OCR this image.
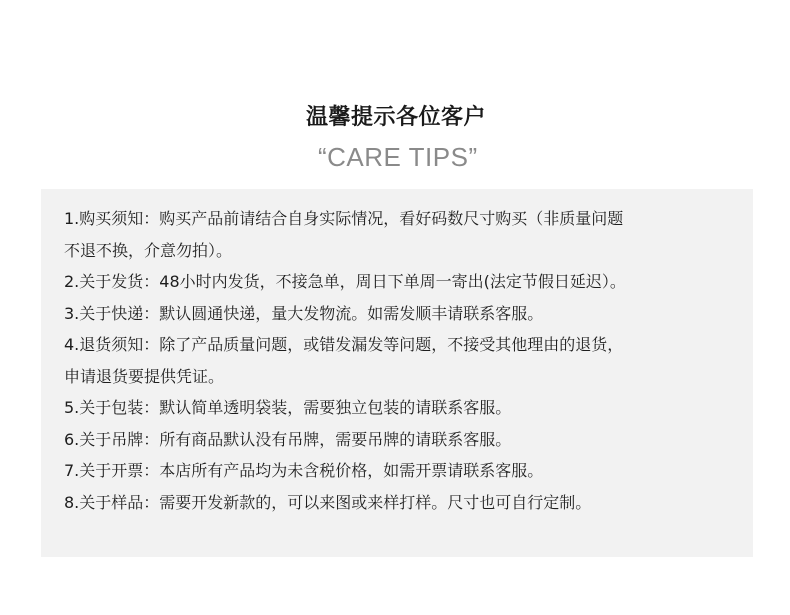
温馨提示各位客户
“CARE TIPS”
1.购买须知：购买产品前请结合自身实际情况，看好码数尺寸购买（非质量问题
不退不换，介意勿拍）。
2.关于发货：48小时内发货，不接急单，周日下单周一寄出(法定节假日延迟）。
3.关于快递：默认圆通快递，量大发物流。如需发顺丰请联系客服。
4.退货须知：除了产品质量问题，或错发漏发等问题，不接受其他理由的退货，
申请退货要提供凭证。
5.关于包装：默认简单透明袋装，需要独立包装的请联系客服。
6.关于吊牌：所有商品默认没有吊牌，需要吊牌的请联系客服。
7.关于开票：本店所有产品均为未含税价格，如需开票请联系客服。
8.关于样品：需要开发新款的，可以来图或来样打样。尺寸也可自行定制。
